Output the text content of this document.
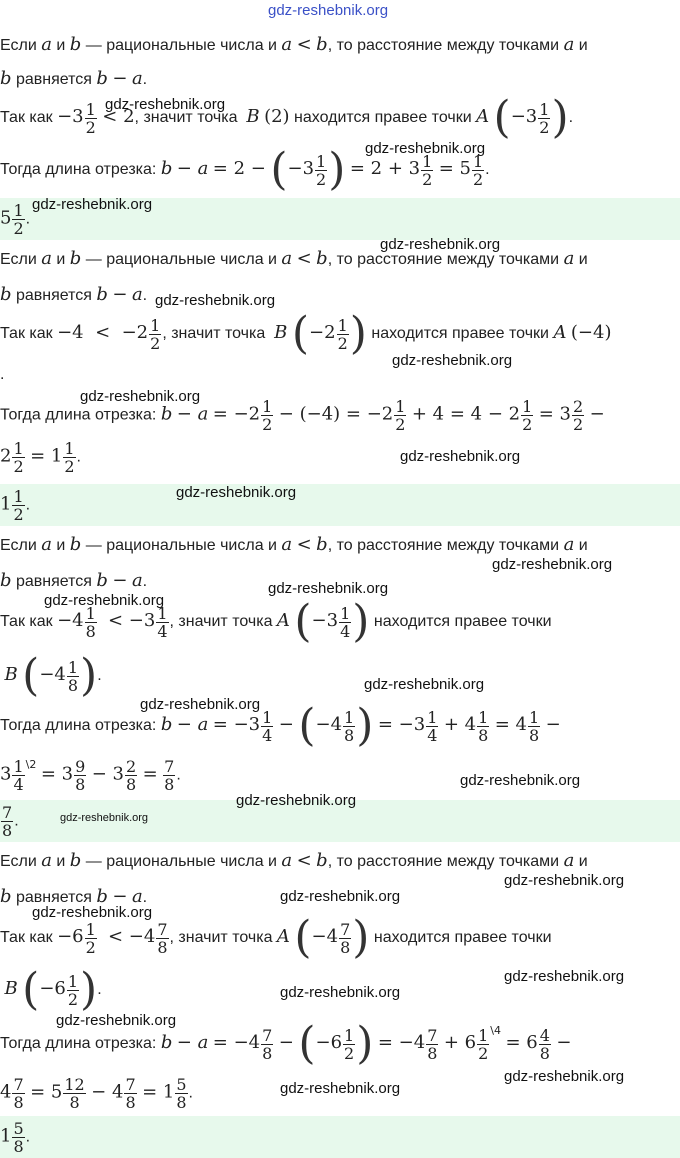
gdz-reshebnik.org
Если a и b — рациональные числа и a < b, то расстояние между точками a и
b равняется b − a.
Так как $-3 \frac{1}{2} < 2$, значит точка  B (2) находится правее точки A ($-3 \frac{1}{2}$ ).
Тогда длина отрезка: $b - a = 2 - (-3 \frac{1}{2}$ ) = $2 + 3 \frac{1}{2} = 5 \frac{1}{2}$ .
$5 \frac{1}{2}$ .
Если a и b — рациональные числа и a < b, то расстояние между точками a и
b равняется b − a.
Так как $-4 < -2 \frac{1}{2}$ , значит точка  B ($-2 \frac{1}{2}$ ) находится правее точки A (−4)
.
Тогда длина отрезка: $b - a = -2 \frac{1}{2} - (-4) = -2 \frac{1}{2} + 4 = 4 - 2 \frac{1}{2} = 3 \frac{2}{2}$ −
$2 \frac{1}{2} = 1 \frac{1}{2}$ .
$1 \frac{1}{2}$ .
Если a и b — рациональные числа и a < b, то расстояние между точками a и
b равняется b − a.
Так как $-4 \frac{1}{8} < -3 \frac{1}{4}$ , значит точка A ($-3 \frac{1}{4}$ ) находится правее точки
B ($-4 \frac{1}{8}$ ).
Тогда длина отрезка: $b - a = -3 \frac{1}{4} - (-4 \frac{1}{8}$ ) = $-3 \frac{1}{4} + 4 \frac{1}{8} = 4 \frac{1}{8}$ −
$3 \frac{1}{4} ^{\backslash 2} = 3 \frac{9}{8} - 3 \frac{2}{8} = \frac{7}{8}$ .
$\frac{7}{8}$ .
Если a и b — рациональные числа и a < b, то расстояние между точками a и
b равняется b − a.
Так как $-6 \frac{1}{2} < -4 \frac{7}{8}$ , значит точка A ($-4 \frac{7}{8}$ ) находится правее точки
B ($-6 \frac{1}{2}$ ).
Тогда длина отрезка: $b - a = -4 \frac{7}{8} - (-6 \frac{1}{2}$ ) = $-4 \frac{7}{8} + 6 \frac{1}{2} ^{\backslash 4} = 6 \frac{4}{8}$ −
$4 \frac{7}{8} = 5 \frac{12}{8} - 4 \frac{7}{8} = 1 \frac{5}{8}$ .
$1 \frac{5}{8}$ .
gdz-reshebnik.org
gdz-reshebnik.org
gdz-reshebnik.org
gdz-reshebnik.org
gdz-reshebnik.org
gdz-reshebnik.org
gdz-reshebnik.org
gdz-reshebnik.org
gdz-reshebnik.org
gdz-reshebnik.org
gdz-reshebnik.org
gdz-reshebnik.org
gdz-reshebnik.org
gdz-reshebnik.org
gdz-reshebnik.org
gdz-reshebnik.org
gdz-reshebnik.org
gdz-reshebnik.org
gdz-reshebnik.org
gdz-reshebnik.org
gdz-reshebnik.org
gdz-reshebnik.org
gdz-reshebnik.org
gdz-reshebnik.org
gdz-reshebnik.org
